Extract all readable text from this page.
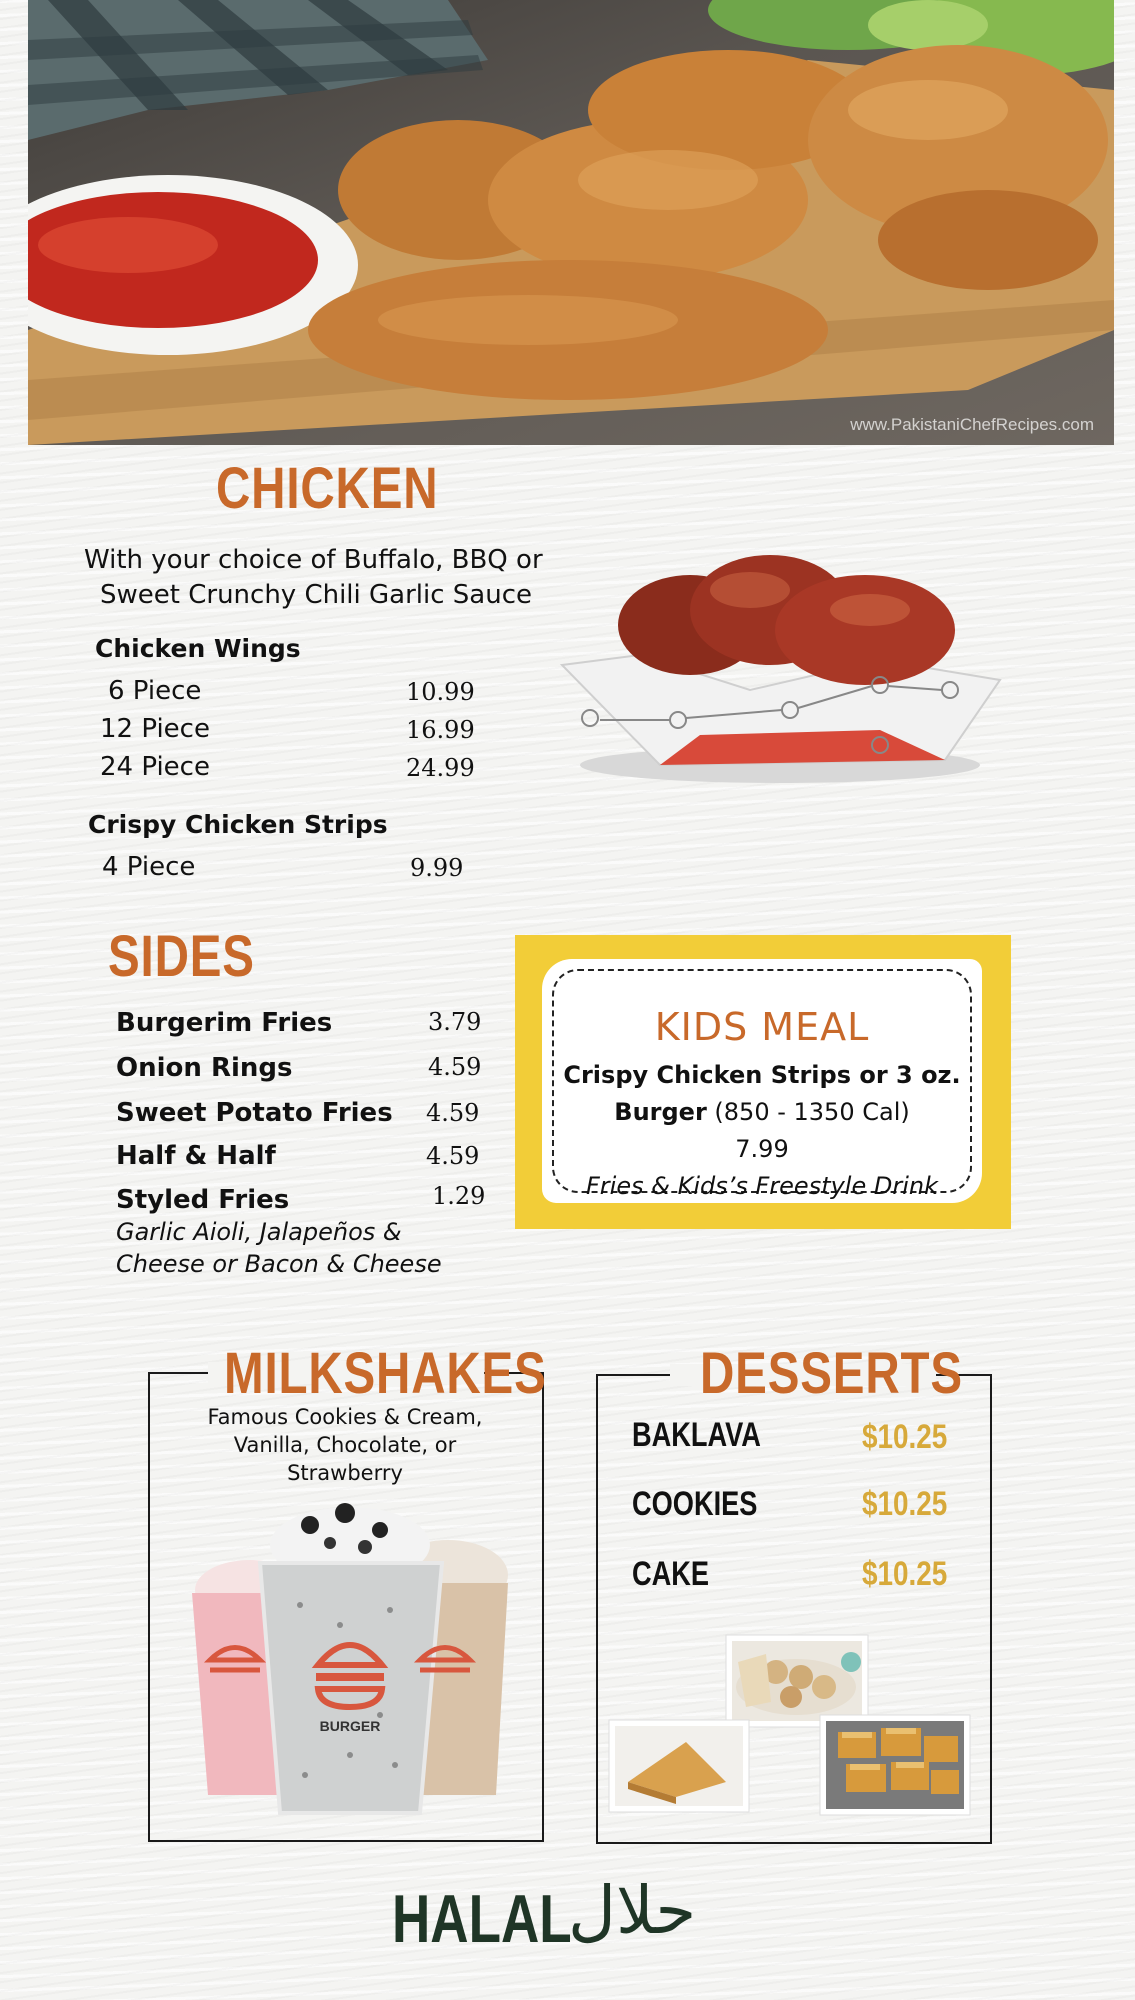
www.PakistaniChefRecipes.com
CHICKEN
With your choice of Buffalo, BBQ or
Sweet Crunchy Chili Garlic Sauce
Chicken Wings
6 Piece	10.99
12 Piece	16.99
24 Piece	24.99
Crispy Chicken Strips
4 Piece	9.99
SIDES
Burgerim Fries	3.79
Onion Rings	4.59
Sweet Potato Fries 4.59
Half & Half	4.59
Styled Fries	1.29
Garlic Aioli, Jalapeños &
Cheese or Bacon & Cheese
KIDS MEAL
Crispy Chicken Strips or 3 oz.
Burger (850 - 1350 Cal)
7.99
Fries & Kids’s Freestyle Drink
MILKSHAKES
Famous Cookies & Cream,
Vanilla, Chocolate, or
Strawberry
BURGER
DESSERTS
BAKLAVA	$10.25
COOKIES	$10.25
CAKE	$10.25
HALAL
حلال
